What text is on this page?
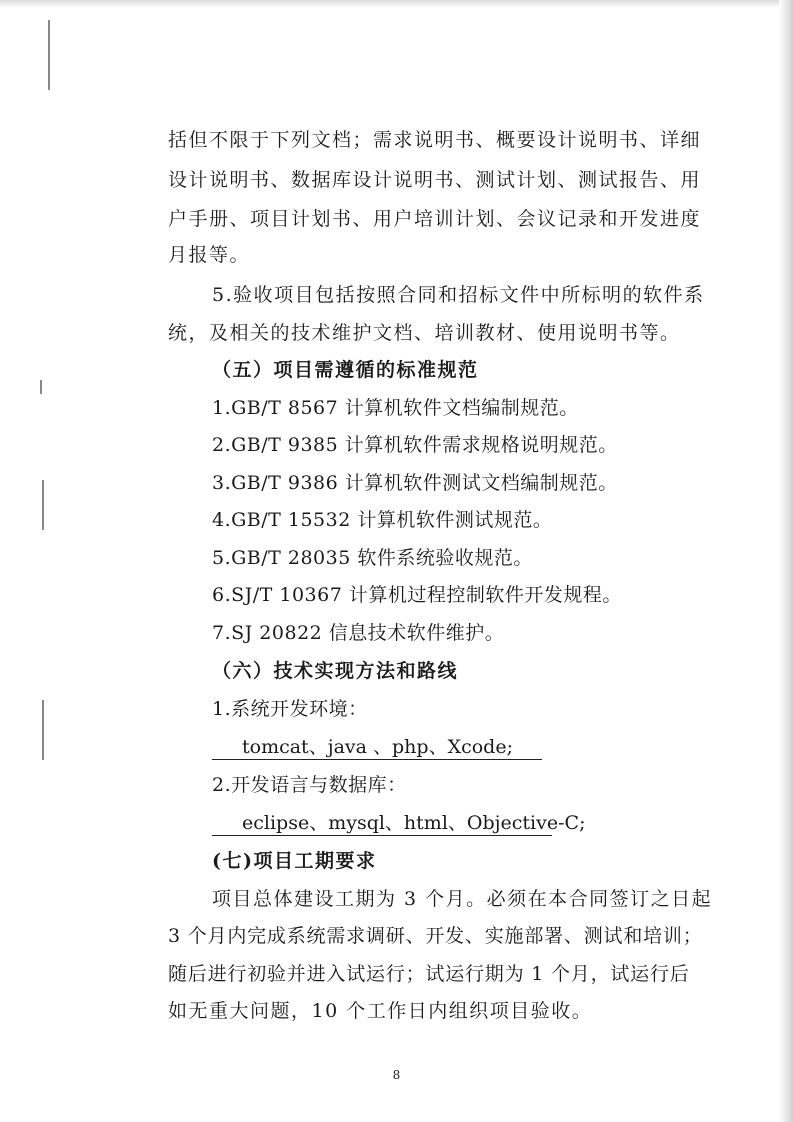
括但不限于下列文档；需求说明书、概要设计说明书、详细
设计说明书、数据库设计说明书、测试计划、测试报告、用
户手册、项目计划书、用户培训计划、会议记录和开发进度
月报等。
5.验收项目包括按照合同和招标文件中所标明的软件系
统，及相关的技术维护文档、培训教材、使用说明书等。
（五）项目需遵循的标准规范
1.GB/T 8567 计算机软件文档编制规范。
2.GB/T 9385 计算机软件需求规格说明规范。
3.GB/T 9386 计算机软件测试文档编制规范。
4.GB/T 15532 计算机软件测试规范。
5.GB/T 28035 软件系统验收规范。
6.SJ/T 10367 计算机过程控制软件开发规程。
7.SJ 20822 信息技术软件维护。
（六）技术实现方法和路线
1.系统开发环境：
tomcat、java 、php、Xcode;
2.开发语言与数据库：
eclipse、mysql、html、Objective-C;
(七)项目工期要求
项目总体建设工期为 3 个月。必须在本合同签订之日起
3 个月内完成系统需求调研、开发、实施部署、测试和培训；
随后进行初验并进入试运行；试运行期为 1 个月，试运行后
如无重大问题，10 个工作日内组织项目验收。
8
